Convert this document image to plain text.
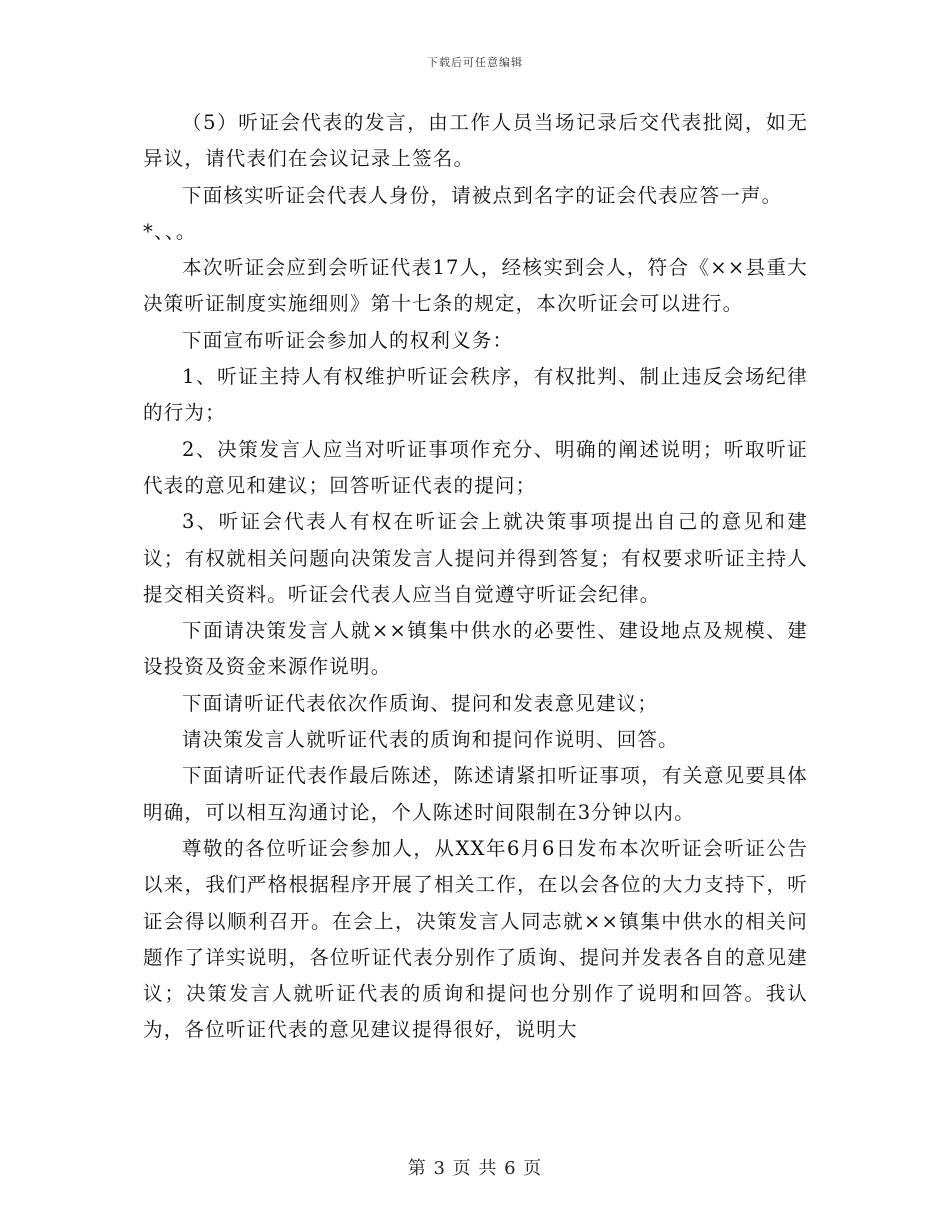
下载后可任意编辑

（5）听证会代表的发言，由工作人员当场记录后交代表批阅，如无异议，请代表们在会议记录上签名。

下面核实听证会代表人身份，请被点到名字的证会代表应答一声。

*、、。

本次听证会应到会听证代表17人，经核实到会人，符合《××县重大决策听证制度实施细则》第十七条的规定，本次听证会可以进行。

下面宣布听证会参加人的权利义务：

1、听证主持人有权维护听证会秩序，有权批判、制止违反会场纪律的行为；

2、决策发言人应当对听证事项作充分、明确的阐述说明；听取听证代表的意见和建议；回答听证代表的提问；

3、听证会代表人有权在听证会上就决策事项提出自己的意见和建议；有权就相关问题向决策发言人提问并得到答复；有权要求听证主持人提交相关资料。听证会代表人应当自觉遵守听证会纪律。

下面请决策发言人就××镇集中供水的必要性、建设地点及规模、建设投资及资金来源作说明。

下面请听证代表依次作质询、提问和发表意见建议；

请决策发言人就听证代表的质询和提问作说明、回答。

下面请听证代表作最后陈述，陈述请紧扣听证事项，有关意见要具体明确，可以相互沟通讨论，个人陈述时间限制在3分钟以内。

尊敬的各位听证会参加人，从XX年6月6日发布本次听证会听证公告以来，我们严格根据程序开展了相关工作，在以会各位的大力支持下，听证会得以顺利召开。在会上，决策发言人同志就××镇集中供水的相关问题作了详实说明，各位听证代表分别作了质询、提问并发表各自的意见建议；决策发言人就听证代表的质询和提问也分别作了说明和回答。我认为，各位听证代表的意见建议提得很好，说明大

第 3 页 共 6 页
